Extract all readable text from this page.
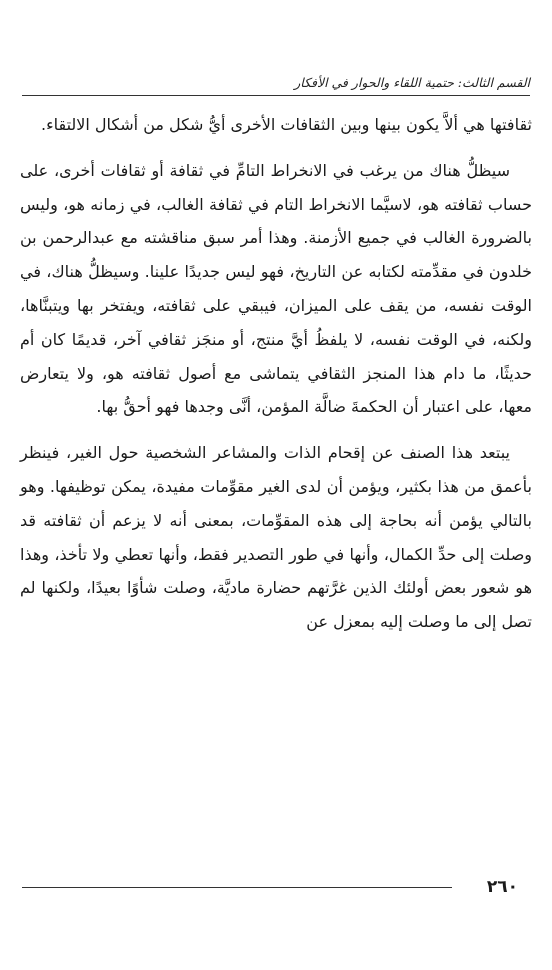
القسم الثالث: حتمية اللقاء والحوار في الأفكار

ثقافتها هي ألاَّ يكون بينها وبين الثقافات الأخرى أيُّ شكل من أشكال الالتقاء.

سيظلُّ هناك من يرغب في الانخراط التامِّ في ثقافة أو ثقافات أخرى، على حساب ثقافته هو، لاسيَّما الانخراط التام في ثقافة الغالب، في زمانه هو، وليس بالضرورة الغالب في جميع الأزمنة. وهذا أمر سبق مناقشته مع عبدالرحمن بن خلدون في مقدِّمته لكتابه عن التاريخ، فهو ليس جديدًا علينا. وسيظلُّ هناك، في الوقت نفسه، من يقف على الميزان، فيبقي على ثقافته، ويفتخر بها ويتبنَّاها، ولكنه، في الوقت نفسه، لا يلفظُ أيَّ منتج، أو منجَز ثقافي آخر، قديمًا كان أم حديثًا، ما دام هذا المنجز الثقافي يتماشى مع أصول ثقافته هو، ولا يتعارض معها، على اعتبار أن الحكمةَ ضالَّة المؤمن، أنَّى وجدها فهو أحقُّ بها.

يبتعد هذا الصنف عن إقحام الذات والمشاعر الشخصية حول الغير، فينظر بأعمق من هذا بكثير، ويؤمن أن لدى الغير مقوِّمات مفيدة، يمكن توظيفها. وهو بالتالي يؤمن أنه بحاجة إلى هذه المقوِّمات، بمعنى أنه لا يزعم أن ثقافته قد وصلت إلى حدِّ الكمال، وأنها في طور التصدير فقط، وأنها تعطي ولا تأخذ، وهذا هو شعور بعض أولئك الذين غرَّتهم حضارة ماديَّة، وصلت شأوًا بعيدًا، ولكنها لم تصل إلى ما وصلت إليه بمعزل عن

٢٦٠
